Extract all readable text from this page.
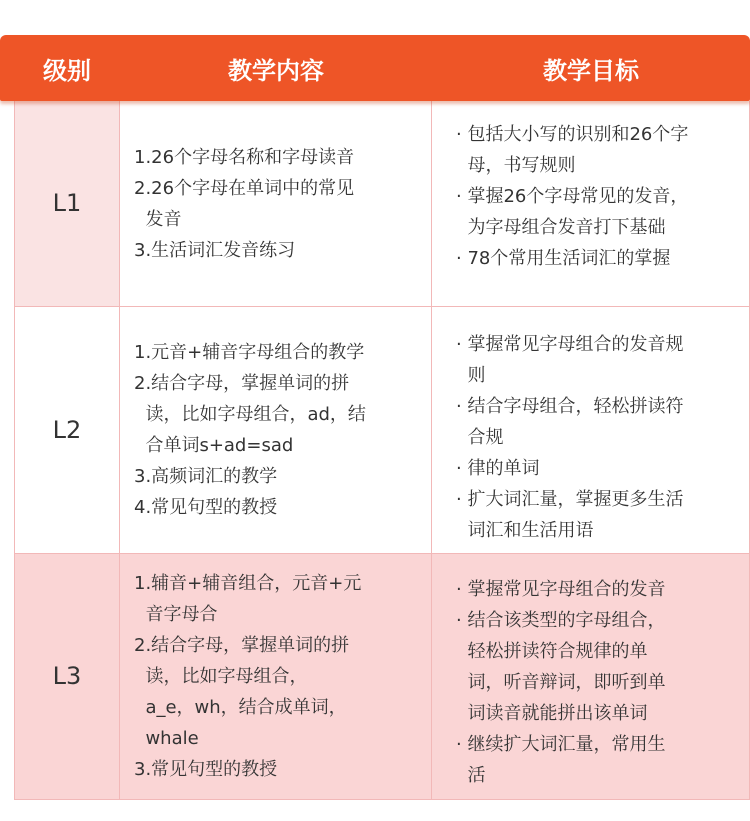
级别	教学内容	教学目标
L1

1.26个字母名称和字母读音

2.26个字母在单词中的常见

发音

3.生活词汇发音练习

· 包括大小写的识别和26个字

母，书写规则

· 掌握26个字母常见的发音，

为字母组合发音打下基础

· 78个常用生活词汇的掌握

L2

1.元音+辅音字母组合的教学

2.结合字母，掌握单词的拼

读，比如字母组合，ad，结

合单词s+ad=sad

3.高频词汇的教学

4.常见句型的教授

· 掌握常见字母组合的发音规

则

· 结合字母组合，轻松拼读符

合规

· 律的单词

· 扩大词汇量，掌握更多生活

词汇和生活用语

L3

1.辅音+辅音组合，元音+元

音字母合

2.结合字母，掌握单词的拼

读，比如字母组合，

a_e，wh，结合成单词，

whale

3.常见句型的教授

· 掌握常见字母组合的发音

· 结合该类型的字母组合，

轻松拼读符合规律的单

词，听音辩词，即听到单

词读音就能拼出该单词

· 继续扩大词汇量，常用生

活
